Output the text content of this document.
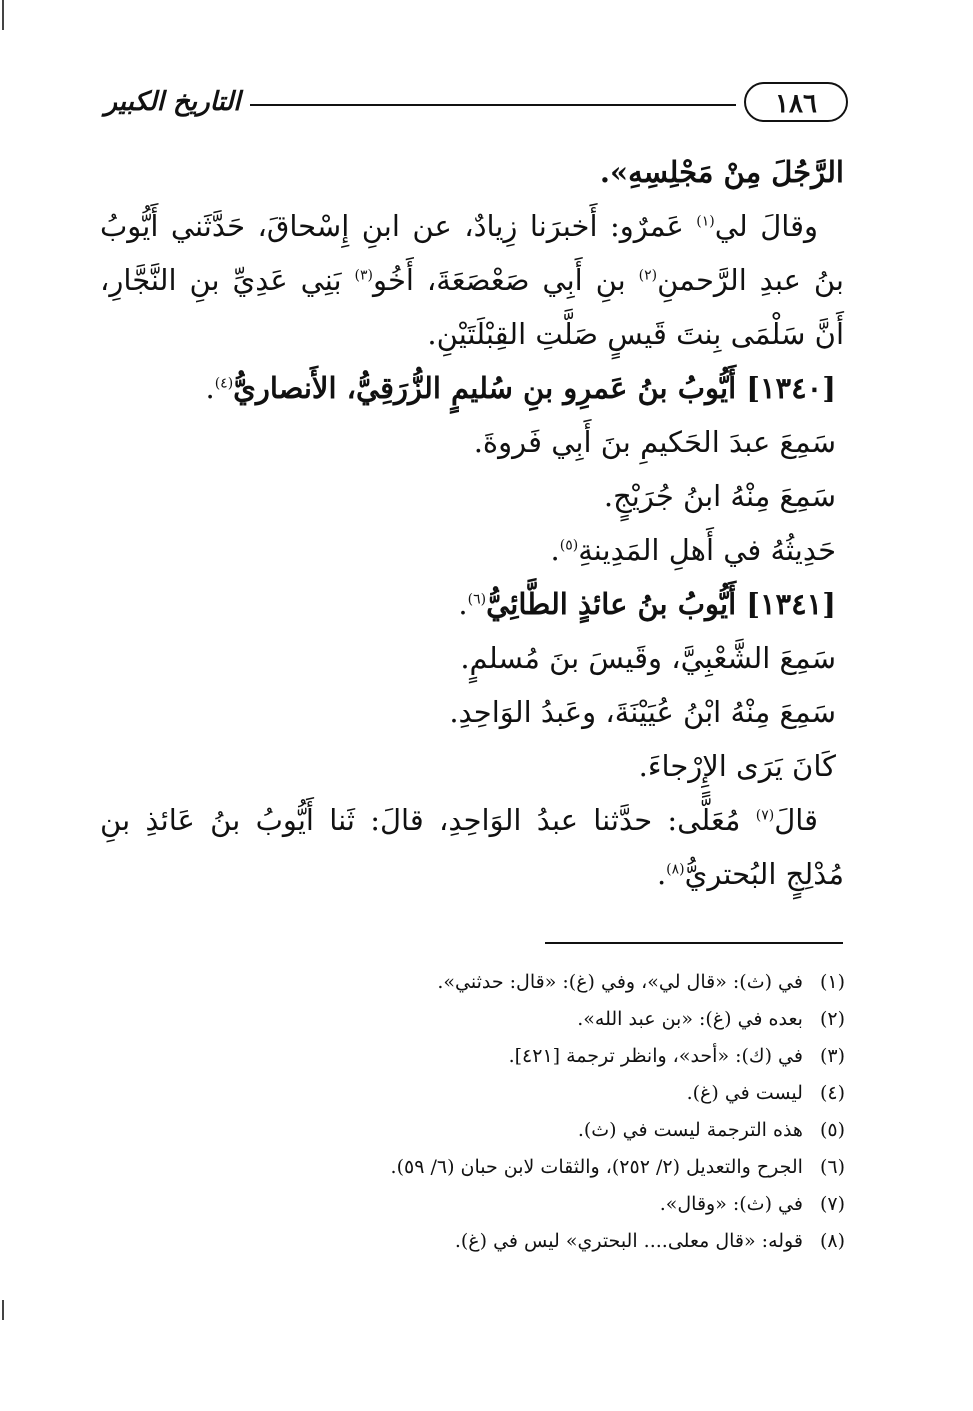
التاريخ الكبير	١٨٦

الرَّجُلَ مِنْ مَجْلِسِهِ».

وقالَ لي$^{(١)}$ عَمرٌو: أَخبرَنا زِيادٌ، عن ابنِ إِسْحاقَ، حَدَّثَني أَيُّوبُ بنُ عبدِ الرَّحمنِ$^{(٢)}$ بنِ أَبِي صَعْصَعَةَ، أَخُو$^{(٣)}$ بَنِي عَدِيِّ بنِ النَّجَّارِ، أَنَّ سَلْمَى بِنتَ قَيسٍ صَلَّتِ القِبْلَتَيْنِ.

[١٣٤٠] أَيُّوبُ بنُ عَمرِو بنِ سُليمٍ الزُّرَقِيُّ، الأَنصاريُّ$^{(٤)}$.

سَمِعَ عبدَ الحَكيمِ بنَ أَبِي فَروةَ.

سَمِعَ مِنْهُ ابنُ جُرَيْجٍ.

حَدِيثُهُ في أَهلِ المَدِينةِ$^{(٥)}$.

[١٣٤١] أَيُّوبُ بنُ عائذٍ الطَّائِيُّ$^{(٦)}$.

سَمِعَ الشَّعْبِيَّ، وقَيسَ بنَ مُسلمٍ.

سَمِعَ مِنْهُ ابْنُ عُيَيْنَةَ، وعَبدُ الوَاحِدِ.

كَانَ يَرَى الإِرْجاءَ.

قالَ$^{(٧)}$ مُعَلًّى: حدَّثنا عبدُ الوَاحِدِ، قالَ: ثَنا أَيُّوبُ بنُ عَائذِ بنِ مُدْلِجٍ البُحتريُّ$^{(٨)}$.

(١) في (ث): «قال لي»، وفي (غ): «قال: حدثني».
(٢) بعده في (غ): «بن عبد الله».
(٣) في (ك): «أحد»، وانظر ترجمة [٤٢١].
(٤) ليست في (غ).
(٥) هذه الترجمة ليست في (ث).
(٦) الجرح والتعديل (٢/ ٢٥٢)، والثقات لابن حبان (٦/ ٥٩).
(٧) في (ث): «وقال».
(٨) قوله: «قال معلى.... البحتري» ليس في (غ).
